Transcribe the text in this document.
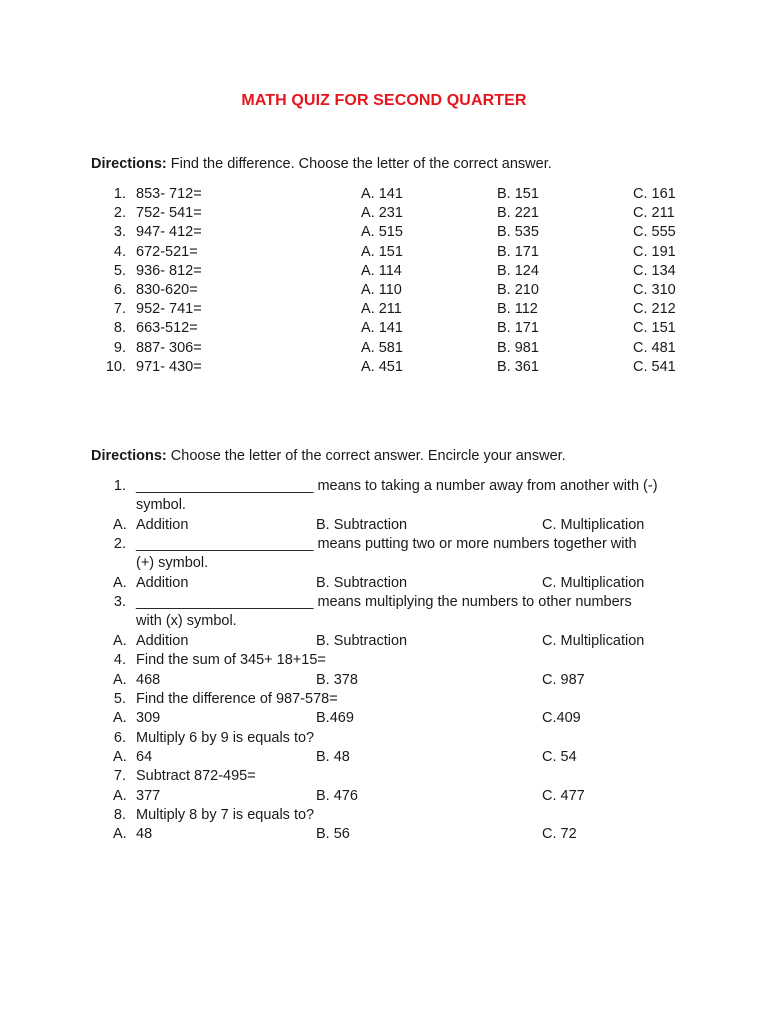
MATH QUIZ FOR SECOND QUARTER
Directions: Find the difference. Choose the letter of the correct answer.
1. 853- 712=	A. 141	B. 151	C. 161
2. 752- 541=	A. 231	B. 221	C. 211
3. 947- 412=	A. 515	B. 535	C. 555
4. 672-521=	A. 151	B. 171	C. 191
5. 936- 812=	A. 114	B. 124	C. 134
6. 830-620=	A. 110	B. 210	C. 310
7. 952- 741=	A. 211	B. 112	C. 212
8. 663-512=	A. 141	B. 171	C. 151
9. 887- 306=	A. 581	B. 981	C. 481
10. 971- 430=	A. 451	B. 361	C. 541
Directions: Choose the letter of the correct answer. Encircle your answer.
1. ______________________ means to taking a number away from another with (-)
symbol.
A. Addition	B. Subtraction	C. Multiplication
2. ______________________ means putting two or more numbers together with
(+) symbol.
A. Addition	B. Subtraction	C. Multiplication
3. ______________________ means multiplying the numbers to other numbers
with (x) symbol.
A. Addition	B. Subtraction	C. Multiplication
4. Find the sum of 345+ 18+15=
A. 468	B. 378	C. 987
5. Find the difference of 987-578=
A. 309	B.469	C.409
6. Multiply 6 by 9 is equals to?
A. 64	B. 48	C. 54
7. Subtract 872-495=
A. 377	B. 476	C. 477
8. Multiply 8 by 7 is equals to?
A. 48	B. 56	C. 72
